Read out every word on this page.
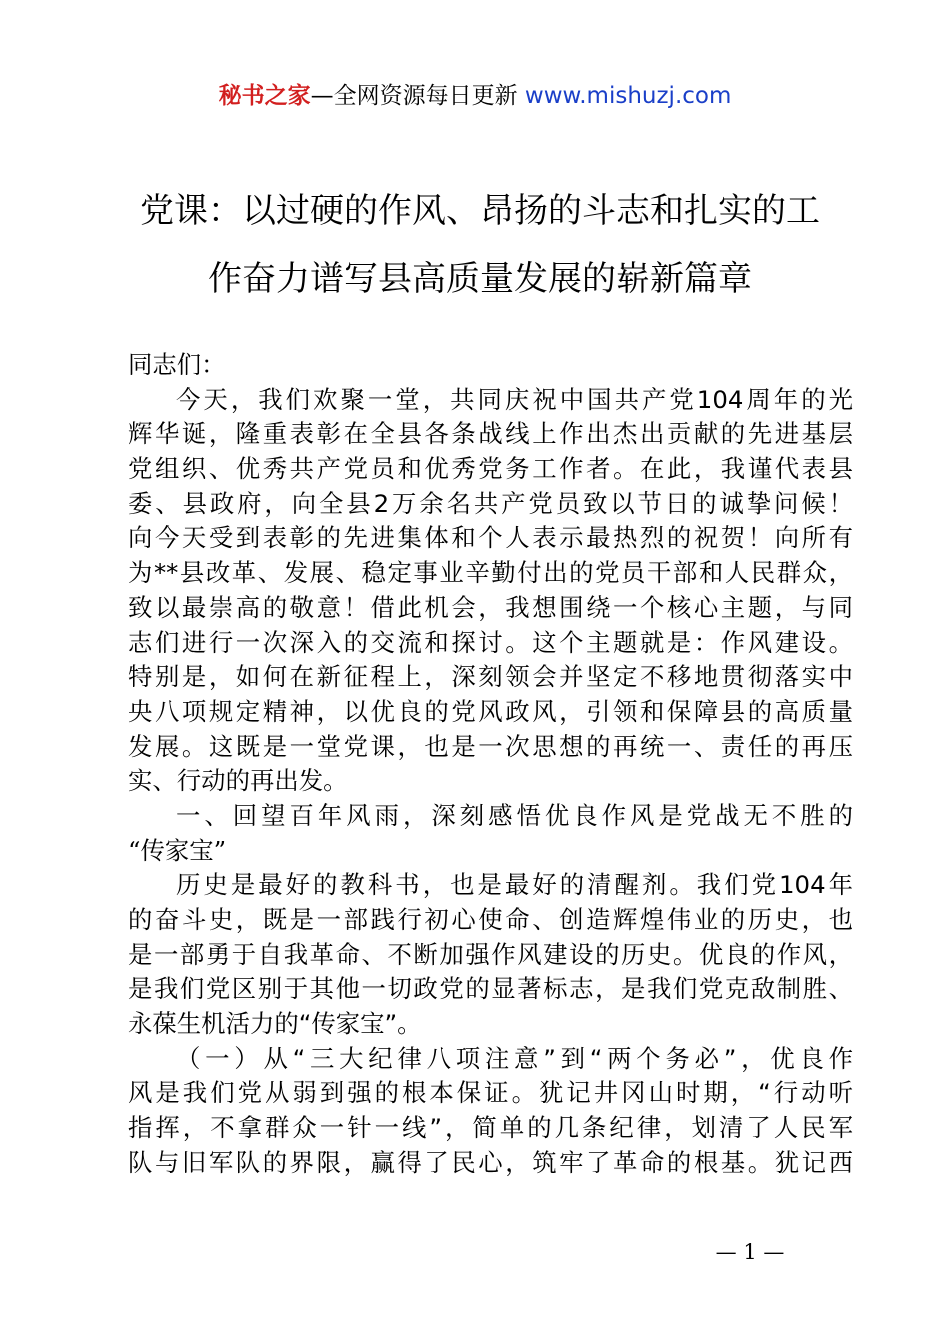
秘书之家—全网资源每日更新 www.mishuzj.com
党课：以过硬的作风、昂扬的斗志和扎实的工
作奋力谱写县高质量发展的崭新篇章
同志们：
今天，我们欢聚一堂，共同庆祝中国共产党104周年的光
辉华诞，隆重表彰在全县各条战线上作出杰出贡献的先进基层
党组织、优秀共产党员和优秀党务工作者。在此，我谨代表县
委、县政府，向全县2万余名共产党员致以节日的诚挚问候！
向今天受到表彰的先进集体和个人表示最热烈的祝贺！向所有
为**县改革、发展、稳定事业辛勤付出的党员干部和人民群众，
致以最崇高的敬意！借此机会，我想围绕一个核心主题，与同
志们进行一次深入的交流和探讨。这个主题就是：作风建设。
特别是，如何在新征程上，深刻领会并坚定不移地贯彻落实中
央八项规定精神，以优良的党风政风，引领和保障县的高质量
发展。这既是一堂党课，也是一次思想的再统一、责任的再压
实、行动的再出发。
一、回望百年风雨，深刻感悟优良作风是党战无不胜的
“传家宝”
历史是最好的教科书，也是最好的清醒剂。我们党104年
的奋斗史，既是一部践行初心使命、创造辉煌伟业的历史，也
是一部勇于自我革命、不断加强作风建设的历史。优良的作风，
是我们党区别于其他一切政党的显著标志，是我们党克敌制胜、
永葆生机活力的“传家宝”。
（一）从“三大纪律八项注意”到“两个务必”，优良作
风是我们党从弱到强的根本保证。犹记井冈山时期，“行动听
指挥，不拿群众一针一线”，简单的几条纪律，划清了人民军
队与旧军队的界限，赢得了民心，筑牢了革命的根基。犹记西
— 1 —
